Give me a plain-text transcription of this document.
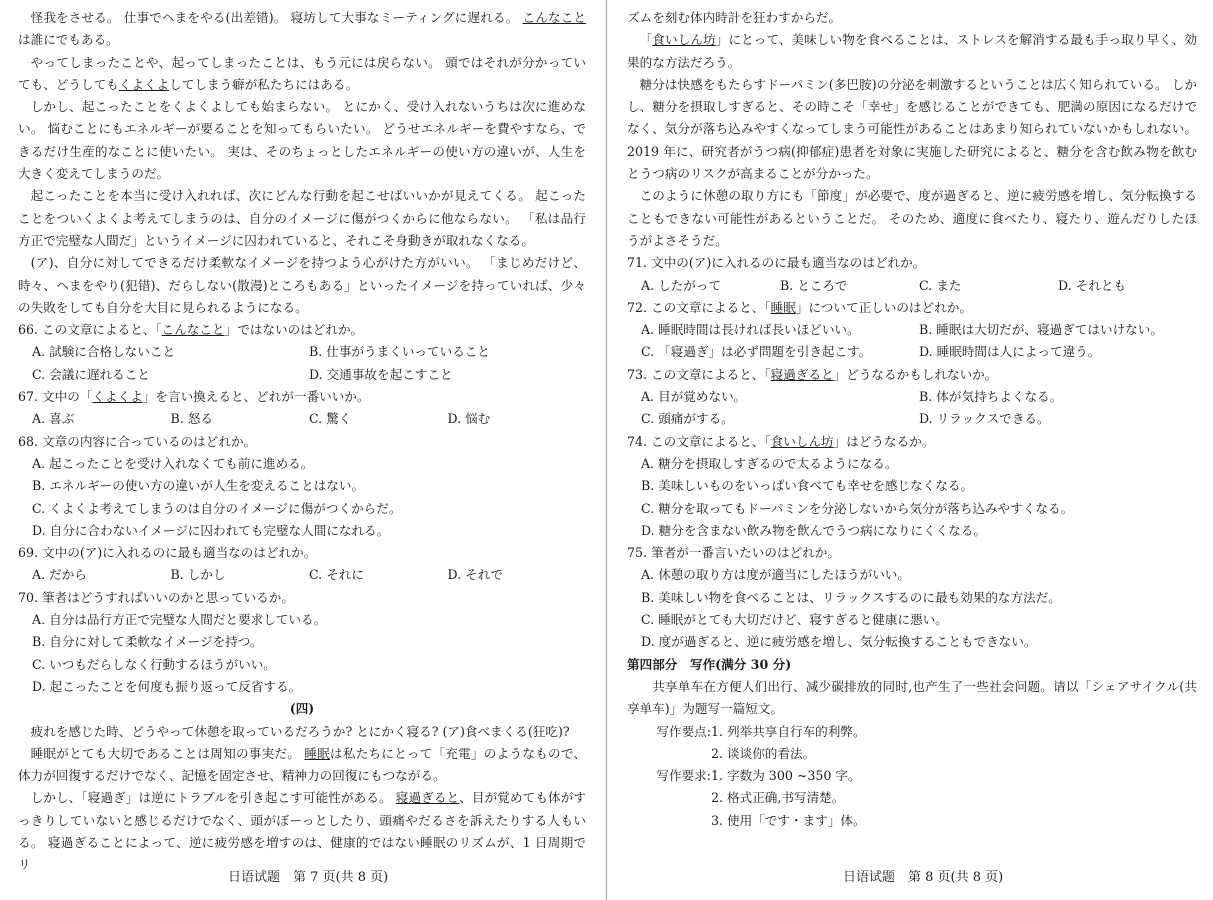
怪我をさせる。 仕事でヘまをやる(出差错)。 寝坊して大事なミーティングに遅れる。 こんなことは誰にでもある。

やってしまったことや、起ってしまったことは、もう元には戻らない。 頭ではそれが分かっていても、どうしてもくよくよしてしまう癖が私たちにはある。

しかし、起こったことをくよくよしても始まらない。 とにかく、受け入れないうちは次に進めない。 悩むことにもエネルギーが要ることを知ってもらいたい。 どうせエネルギーを費やすなら、できるだけ生産的なことに使いたい。 実は、そのちょっとしたエネルギーの使い方の違いが、人生を大きく変えてしまうのだ。

起こったことを本当に受け入れれば、次にどんな行動を起こせばいいかが見えてくる。 起こったことをついくよくよ考えてしまうのは、自分のイメージに傷がつくからに他ならない。 「私は品行方正で完璧な人間だ」というイメージに囚われていると、それこそ身動きが取れなくなる。

(ア)、自分に対してできるだけ柔軟なイメージを持つよう心がけた方がいい。 「まじめだけど、時々、ヘまをやり(犯错)、だらしない(散漫)ところもある」といったイメージを持っていれば、少々の失敗をしても自分を大目に見られるようになる。

66. この文章によると、「こんなこと」ではないのはどれか。
A. 試験に合格しないこと	B. 仕事がうまくいっていること
C. 会議に遅れること	D. 交通事故を起こすこと
67. 文中の「くよくよ」を言い換えると、どれが一番いいか。
A. 喜ぶ	B. 怒る	C. 驚く	D. 悩む
68. 文章の内容に合っているのはどれか。
A. 起こったことを受け入れなくても前に進める。
B. エネルギーの使い方の違いが人生を変えることはない。
C. くよくよ考えてしまうのは自分のイメージに傷がつくからだ。
D. 自分に合わないイメージに囚われても完璧な人間になれる。
69. 文中の(ア)に入れるのに最も適当なのはどれか。
A. だから	B. しかし	C. それに	D. それで
70. 筆者はどうすればいいのかと思っているか。
A. 自分は品行方正で完璧な人間だと要求している。
B. 自分に対して柔軟なイメージを持つ。
C. いつもだらしなく行動するほうがいい。
D. 起こったことを何度も振り返って反省する。
(四)

疲れを感じた時、どうやって休憩を取っているだろうか? とにかく寝る? (ア)食べまくる(狂吃)?

睡眠がとても大切であることは周知の事実だ。 睡眠は私たちにとって「充電」のようなもので、体力が回復するだけでなく、記憶を固定させ、精神力の回復にもつながる。

しかし、「寝過ぎ」は逆にトラブルを引き起こす可能性がある。 寝過ぎると、目が覚めても体がすっきりしていないと感じるだけでなく、頭がぼーっとしたり、頭痛やだるさを訴えたりする人もいる。 寝過ぎることによって、逆に疲労感を増すのは、健康的ではない睡眠のリズムが、1 日周期でリ

日语试题　第 7 页(共 8 页)

ズムを刻む体内時計を狂わすからだ。

「食いしん坊」にとって、美味しい物を食べることは、ストレスを解消する最も手っ取り早く、効果的な方法だろう。

糖分は快感をもたらすドーパミン(多巴胺)の分泌を刺激するということは広く知られている。 しかし、糖分を摂取しすぎると、その時こそ「幸せ」を感じることができても、肥満の原因になるだけでなく、気分が落ち込みやすくなってしまう可能性があることはあまり知られていないかもしれない。 2019 年に、研究者がうつ病(抑郁症)患者を対象に実施した研究によると、糖分を含む飲み物を飲むとうつ病のリスクが高まることが分かった。

このように休憩の取り方にも「節度」が必要で、度が過ぎると、逆に疲労感を増し、気分転換することもできない可能性があるということだ。 そのため、適度に食べたり、寝たり、遊んだりしたほうがよさそうだ。

71. 文中の(ア)に入れるのに最も適当なのはどれか。
A. したがって	B. ところで	C. また	D. それとも
72. この文章によると、「睡眠」について正しいのはどれか。
A. 睡眠時間は長ければ長いほどいい。	B. 睡眠は大切だが、寝過ぎてはいけない。
C. 「寝過ぎ」は必ず問題を引き起こす。	D. 睡眠時間は人によって違う。
73. この文章によると、「寝過ぎると」どうなるかもしれないか。
A. 目が覚めない。	B. 体が気持ちよくなる。
C. 頭痛がする。	D. リラックスできる。
74. この文章によると、「食いしん坊」はどうなるか。
A. 糖分を摂取しすぎるので太るようになる。
B. 美味しいものをいっぱい食べても幸せを感じなくなる。
C. 糖分を取ってもドーパミンを分泌しないから気分が落ち込みやすくなる。
D. 糖分を含まない飲み物を飲んでうつ病になりにくくなる。
75. 筆者が一番言いたいのはどれか。
A. 休憩の取り方は度が適当にしたほうがいい。
B. 美味しい物を食べることは、リラックスするのに最も効果的な方法だ。
C. 睡眠がとても大切だけど、寝すぎると健康に悪い。
D. 度が過ぎると、逆に疲労感を増し、気分転換することもできない。
第四部分　写作(满分 30 分)

共享单车在方便人们出行、减少碳排放的同时,也产生了一些社会问题。请以「シェアサイクル(共享单车)」为题写一篇短文。

写作要点: 1. 列举共享自行车的利弊。
2. 谈谈你的看法。
写作要求: 1. 字数为 300 ~350 字。
2. 格式正确,书写清楚。
3. 使用「です・ます」体。
日语试题　第 8 页(共 8 页)
